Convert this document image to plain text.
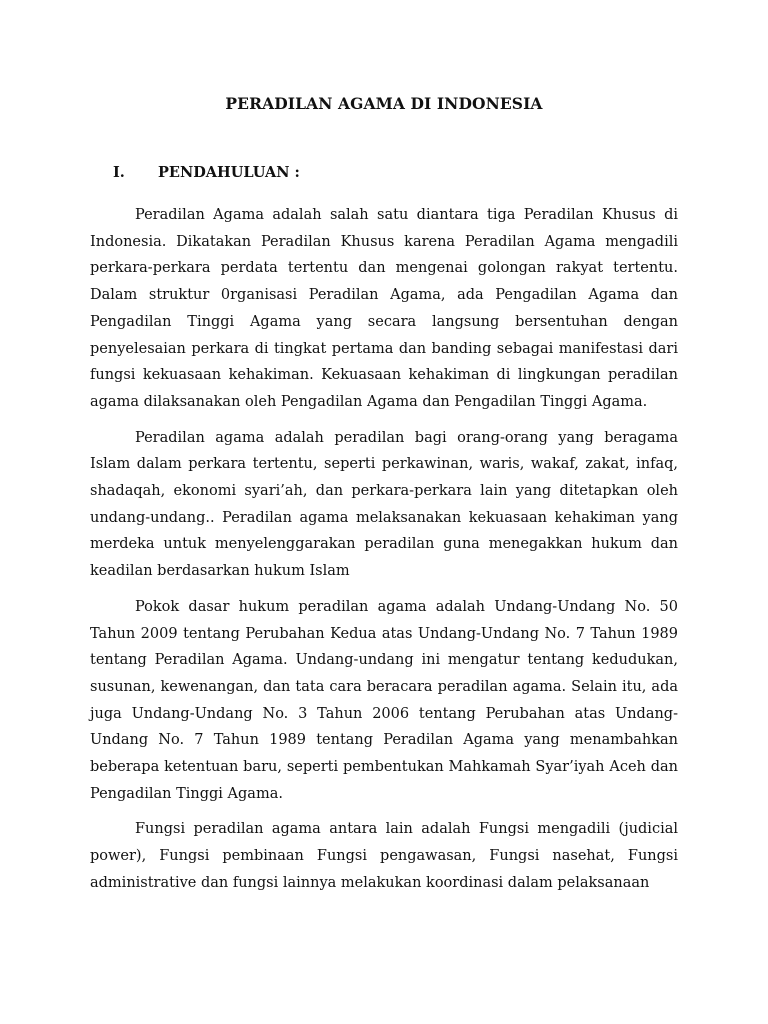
PERADILAN AGAMA DI INDONESIA
I. PENDAHULUAN :

Peradilan Agama adalah salah satu diantara tiga Peradilan Khusus di Indonesia. Dikatakan Peradilan Khusus karena Peradilan Agama mengadili perkara-perkara perdata tertentu dan mengenai golongan rakyat tertentu. Dalam struktur 0rganisasi Peradilan Agama, ada Pengadilan Agama dan Pengadilan Tinggi Agama yang secara langsung bersentuhan dengan penyelesaian perkara di tingkat pertama dan banding sebagai manifestasi dari fungsi kekuasaan kehakiman. Kekuasaan kehakiman di lingkungan peradilan agama dilaksanakan oleh Pengadilan Agama dan Pengadilan Tinggi Agama.

Peradilan agama adalah peradilan bagi orang-orang yang beragama Islam dalam perkara tertentu, seperti perkawinan, waris, wakaf, zakat, infaq, shadaqah, ekonomi syari’ah, dan perkara-perkara lain yang ditetapkan oleh undang-undang.. Peradilan agama melaksanakan kekuasaan kehakiman yang merdeka untuk menyelenggarakan peradilan guna menegakkan hukum dan keadilan berdasarkan hukum Islam

Pokok dasar hukum peradilan agama adalah Undang-Undang No. 50 Tahun 2009 tentang Perubahan Kedua atas Undang-Undang No. 7 Tahun 1989 tentang Peradilan Agama. Undang-undang ini mengatur tentang kedudukan, susunan, kewenangan, dan tata cara beracara peradilan agama. Selain itu, ada juga Undang-Undang No. 3 Tahun 2006 tentang Perubahan atas Undang-Undang No. 7 Tahun 1989 tentang Peradilan Agama yang menambahkan beberapa ketentuan baru, seperti pembentukan Mahkamah Syar’iyah Aceh dan Pengadilan Tinggi Agama.

Fungsi peradilan agama antara lain adalah Fungsi mengadili (judicial power), Fungsi pembinaan Fungsi pengawasan, Fungsi nasehat, Fungsi administrative dan fungsi lainnya melakukan koordinasi dalam pelaksanaan
